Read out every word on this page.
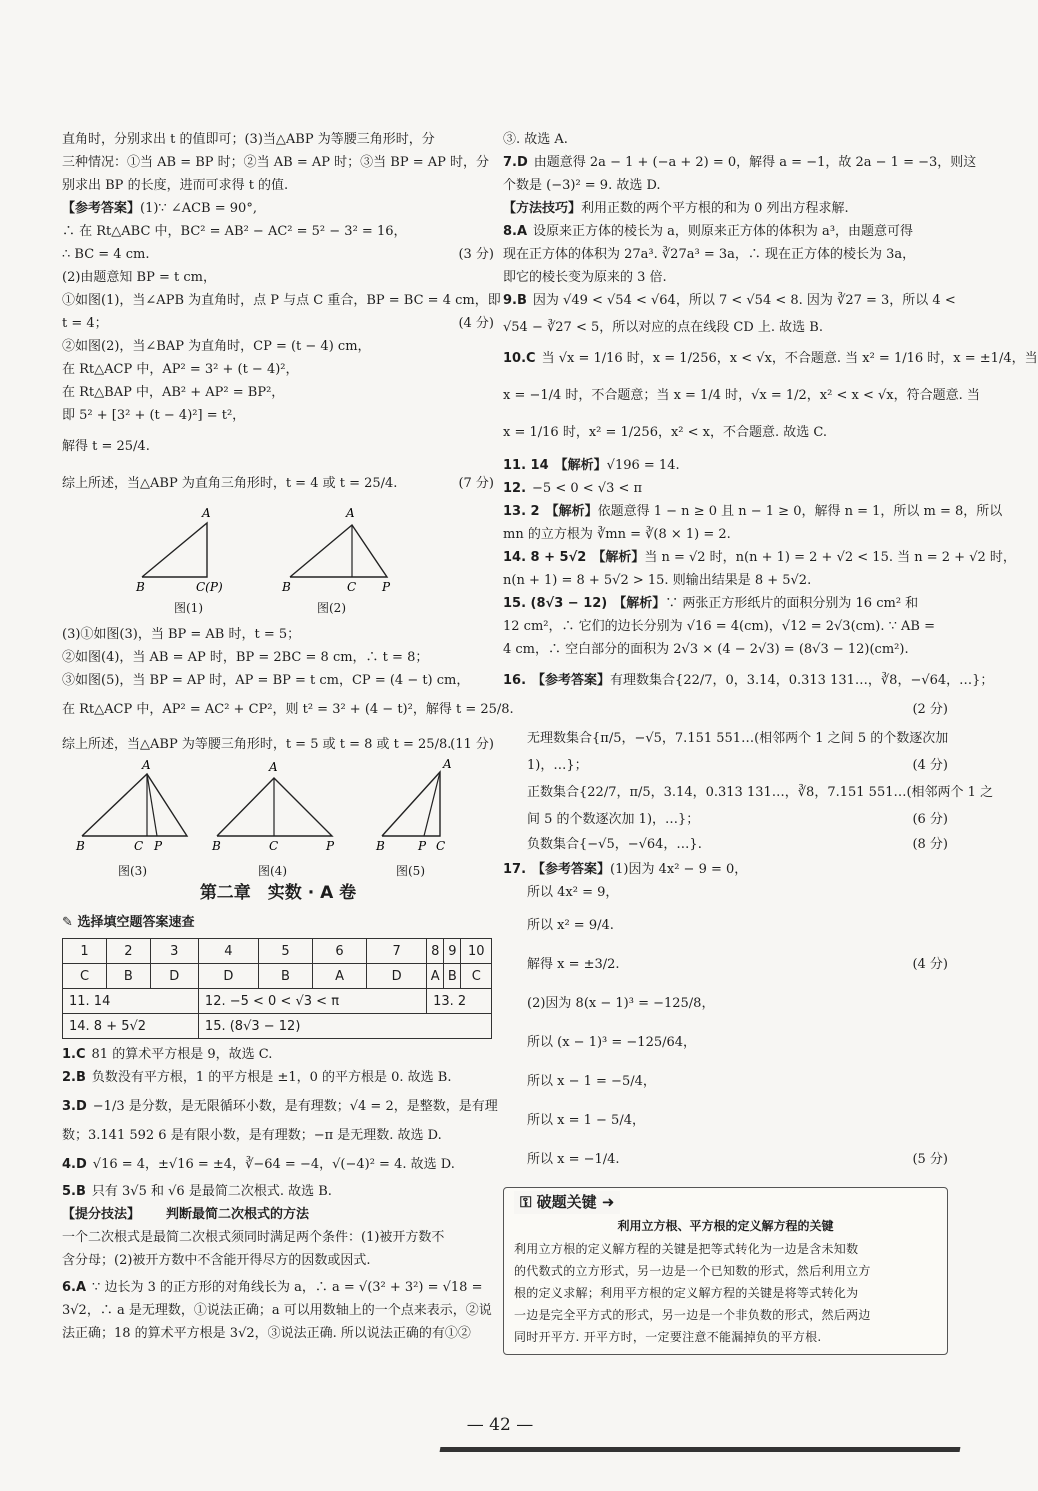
直角时，分别求出 t 的值即可；(3)当△ABP 为等腰三角形时，分
三种情况：①当 AB = BP 时；②当 AB = AP 时；③当 BP = AP 时，分
别求出 BP 的长度，进而可求得 t 的值.
【参考答案】(1)∵ ∠ACB = 90°,
∴ 在 Rt△ABC 中，BC² = AB² − AC² = 5² − 3² = 16，
∴ BC = 4 cm.	(3 分)
(2)由题意知 BP = t cm，
①如图(1)，当∠APB 为直角时，点 P 与点 C 重合，BP = BC = 4 cm，即
t = 4；	(4 分)
②如图(2)，当∠BAP 为直角时，CP = (t − 4) cm，
在 Rt△ACP 中，AP² = 3² + (t − 4)²，
在 Rt△BAP 中，AB² + AP² = BP²，
即 5² + [3² + (t − 4)²] = t²，
解得 t = 25/4.
综上所述，当△ABP 为直角三角形时，t = 4 或 t = 25/4.	(7 分)
A
B	C(P)
A
B	C P
图(1)	图(2)
(3)①如图(3)，当 BP = AB 时，t = 5；
②如图(4)，当 AB = AP 时，BP = 2BC = 8 cm，∴ t = 8；
③如图(5)，当 BP = AP 时，AP = BP = t cm，CP = (4 − t) cm，
在 Rt△ACP 中，AP² = AC² + CP²，则 t² = 3² + (4 − t)²，解得 t = 25/8.
综上所述，当△ABP 为等腰三角形时，t = 5 或 t = 8 或 t = 25/8.
(11 分)
A
B	C P
A
B	C	P
A
B	P C
图(3)	图(4)	图(5)
第二章　实数 · A 卷
✎ 选择填空题答案速查
1	2	3	4	5	6	7	8	9	10
C	B	D	D	B	A	D	A	B	C
11. 14			12. −5 < 0 < √3 < π				13. 2		
14. 8 + 5√2			15. (8√3 − 12)						
1.C 81 的算术平方根是 9，故选 C.
2.B 负数没有平方根，1 的平方根是 ±1，0 的平方根是 0. 故选 B.
3.D −1/3 是分数，是无限循环小数，是有理数；√4 = 2，是整数，是有理
数；3.141 592 6 是有限小数，是有理数；−π 是无理数. 故选 D.
4.D √16 = 4，±√16 = ±4，∛−64 = −4，√(−4)² = 4. 故选 D.
5.B 只有 3√5 和 √6 是最简二次根式. 故选 B.
【提分技法】 判断最简二次根式的方法
一个二次根式是最简二次根式须同时满足两个条件：(1)被开方数不
含分母；(2)被开方数中不含能开得尽方的因数或因式.
6.A ∵ 边长为 3 的正方形的对角线长为 a，∴ a = √(3² + 3²) = √18 =
3√2，∴ a 是无理数，①说法正确；a 可以用数轴上的一个点来表示，②说
法正确；18 的算术平方根是 3√2，③说法正确. 所以说法正确的有①②
③. 故选 A.
7.D 由题意得 2a − 1 + (−a + 2) = 0，解得 a = −1，故 2a − 1 = −3，则这
个数是 (−3)² = 9. 故选 D.
【方法技巧】利用正数的两个平方根的和为 0 列出方程求解.
8.A 设原来正方体的棱长为 a，则原来正方体的体积为 a³，由题意可得
现在正方体的体积为 27a³. ∛27a³ = 3a，∴ 现在正方体的棱长为 3a，
即它的棱长变为原来的 3 倍.
9.B 因为 √49 < √54 < √64，所以 7 < √54 < 8. 因为 ∛27 = 3，所以 4 <
√54 − ∛27 < 5，所以对应的点在线段 CD 上. 故选 B.
10.C 当 √x = 1/16 时，x = 1/256，x < √x，不合题意. 当 x² = 1/16 时，x = ±1/4，当
x = −1/4 时，不合题意；当 x = 1/4 时，√x = 1/2，x² < x < √x，符合题意. 当
x = 1/16 时，x² = 1/256，x² < x，不合题意. 故选 C.
11. 14 【解析】√196 = 14.
12. −5 < 0 < √3 < π
13. 2 【解析】依题意得 1 − n ≥ 0 且 n − 1 ≥ 0，解得 n = 1，所以 m = 8，所以
mn 的立方根为 ∛mn = ∛(8 × 1) = 2.
14. 8 + 5√2 【解析】当 n = √2 时，n(n + 1) = 2 + √2 < 15. 当 n = 2 + √2 时，
n(n + 1) = 8 + 5√2 > 15. 则输出结果是 8 + 5√2.
15. (8√3 − 12) 【解析】∵ 两张正方形纸片的面积分别为 16 cm² 和
12 cm²，∴ 它们的边长分别为 √16 = 4(cm)，√12 = 2√3(cm). ∵ AB =
4 cm，∴ 空白部分的面积为 2√3 × (4 − 2√3) = (8√3 − 12)(cm²).
16. 【参考答案】有理数集合{22/7，0，3.14，0.313 131…，∛8，−√64，…}；
(2 分)
无理数集合{π/5，−√5，7.151 551…(相邻两个 1 之间 5 的个数逐次加
1)，…}；	(4 分)
正数集合{22/7，π/5，3.14，0.313 131…，∛8，7.151 551…(相邻两个 1 之
间 5 的个数逐次加 1)，…}；	(6 分)
负数集合{−√5，−√64，…}.	(8 分)
17. 【参考答案】(1)因为 4x² − 9 = 0，
所以 4x² = 9，
所以 x² = 9/4.
解得 x = ±3/2.	(4 分)
(2)因为 8(x − 1)³ = −125/8，
所以 (x − 1)³ = −125/64，
所以 x − 1 = −5/4，
所以 x = 1 − 5/4，
所以 x = −1/4.	(5 分)
⚿ 破题关键 ➜
利用立方根、平方根的定义解方程的关键
利用立方根的定义解方程的关键是把等式转化为一边是含未知数
的代数式的立方形式，另一边是一个已知数的形式，然后利用立方
根的定义求解；利用平方根的定义解方程的关键是将等式转化为
一边是完全平方式的形式，另一边是一个非负数的形式，然后两边
同时开平方. 开平方时，一定要注意不能漏掉负的平方根.
— 42 —
